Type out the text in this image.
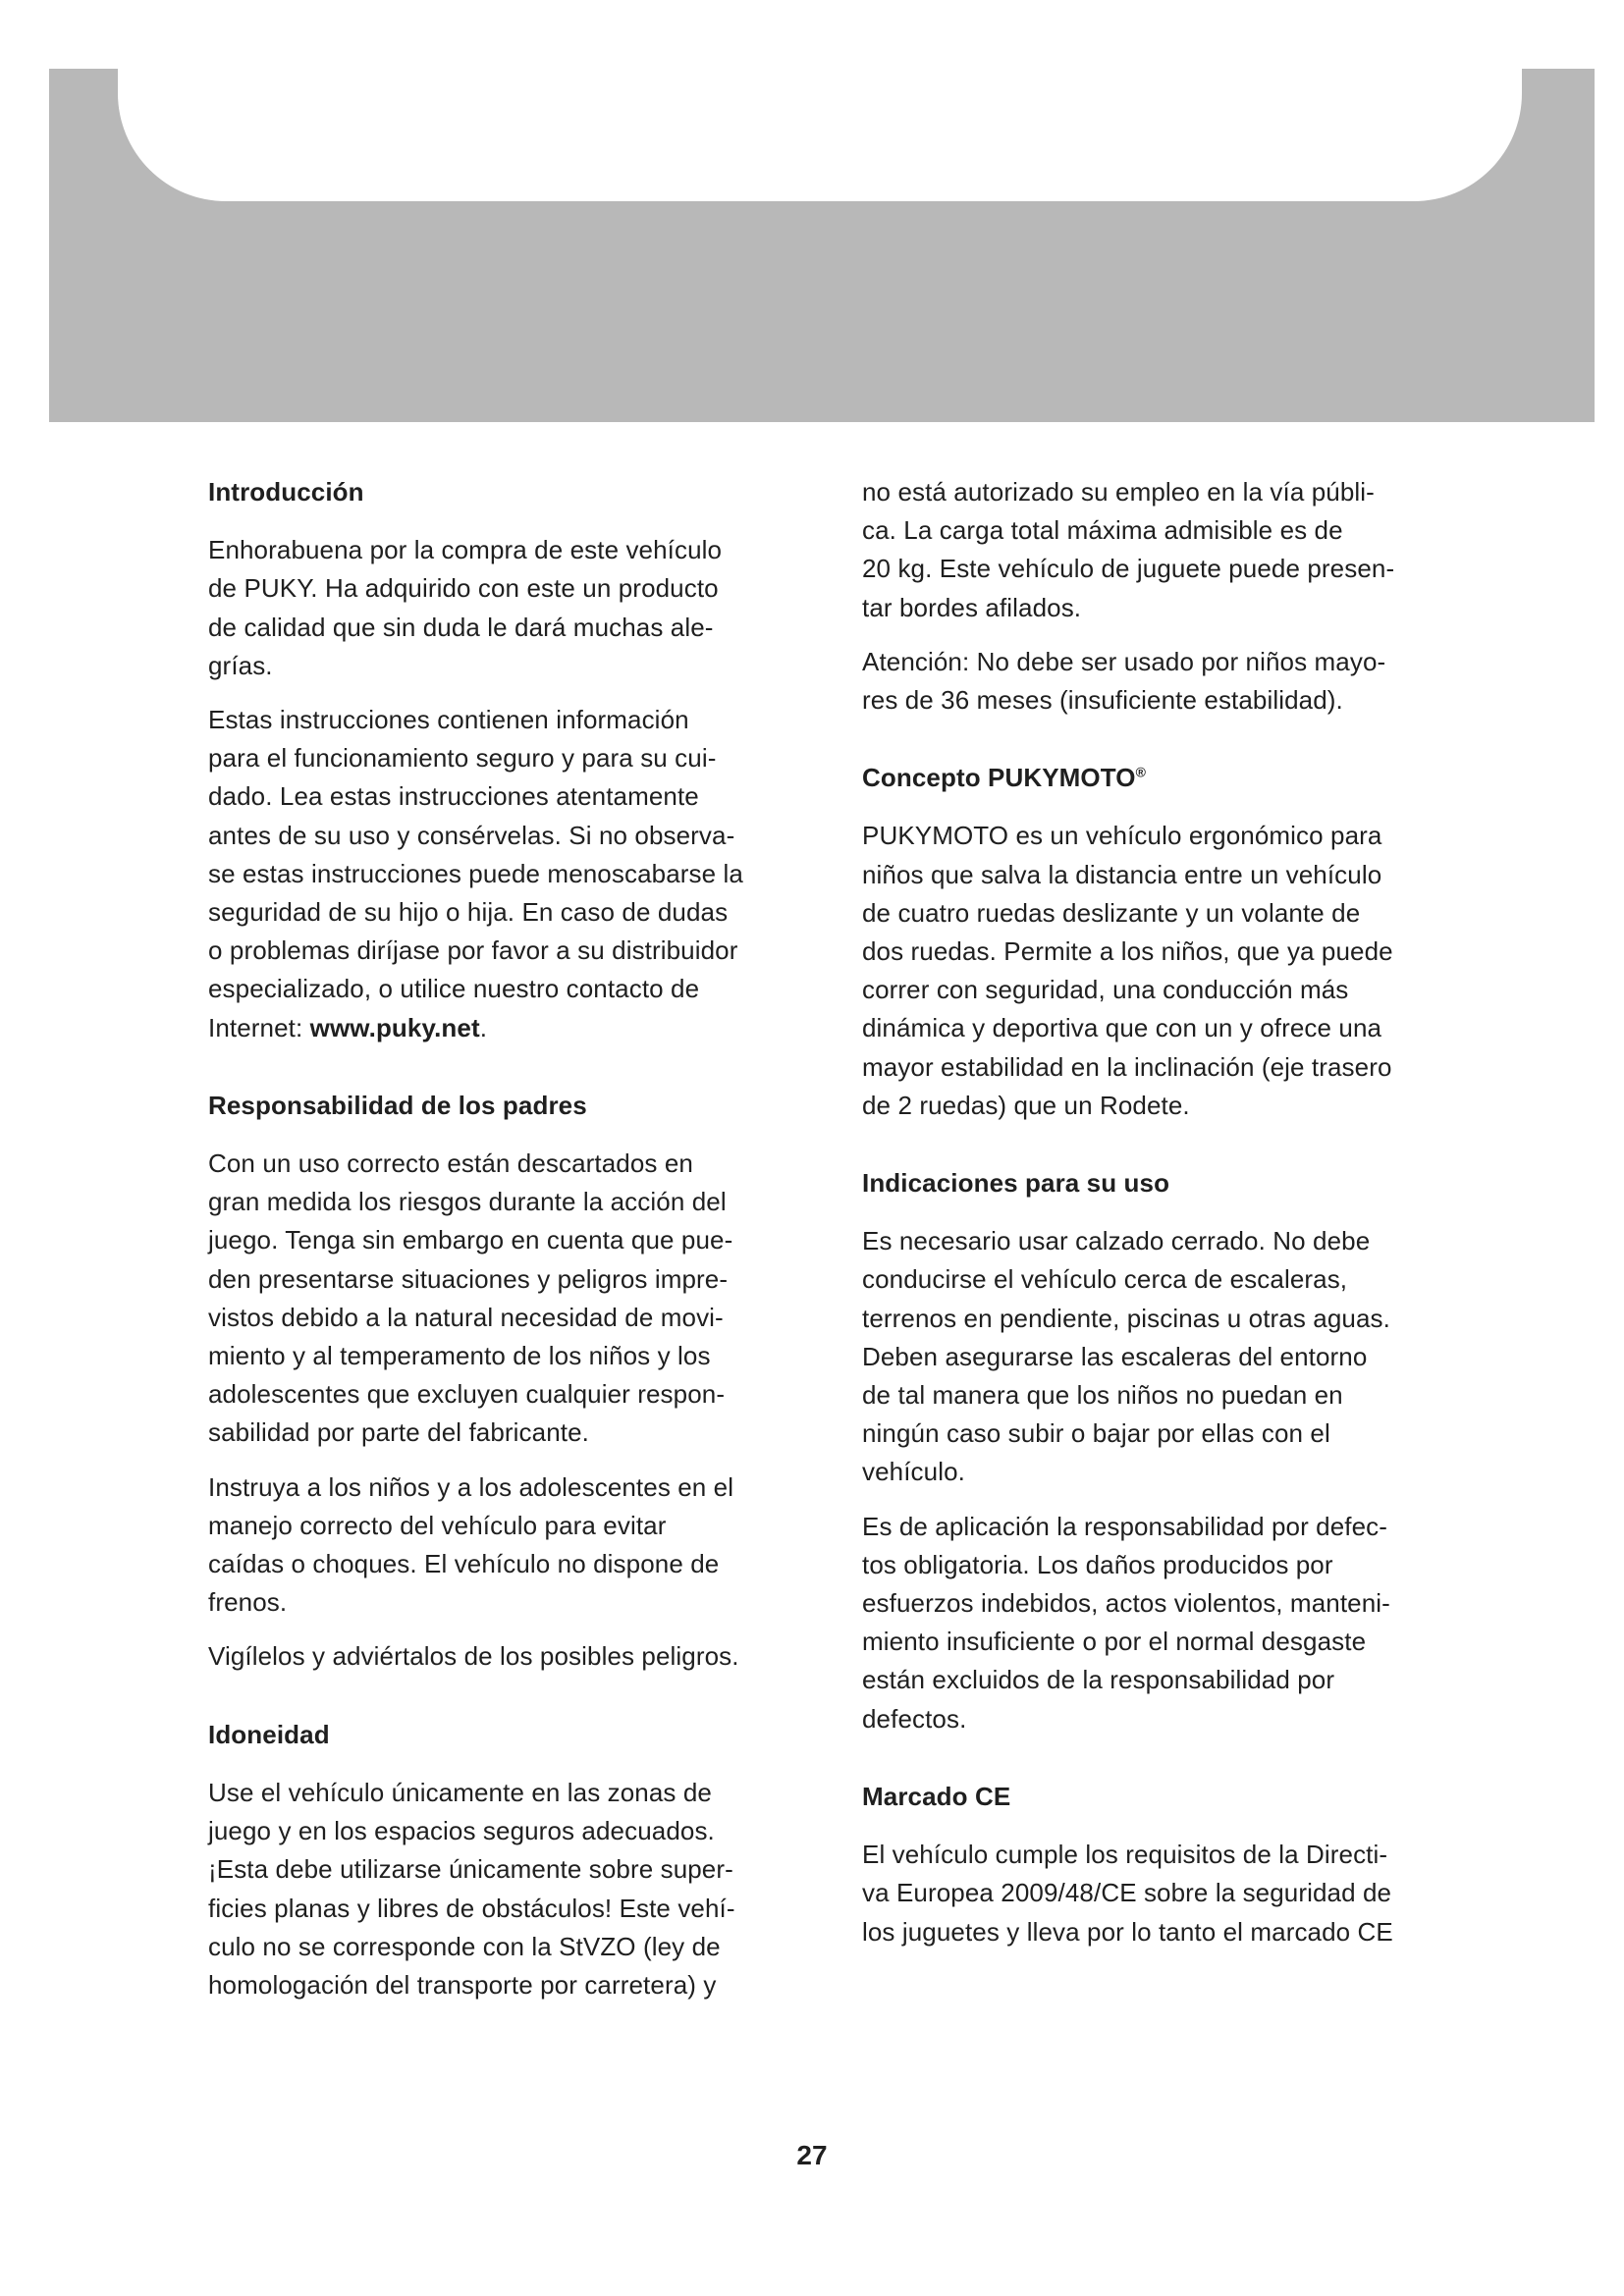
Introducción

Enhorabuena por la compra de este vehículo
de PUKY. Ha adquirido con este un producto
de calidad que sin duda le dará muchas ale-
grías.

Estas instrucciones contienen información
para el funcionamiento seguro y para su cui-
dado. Lea estas instrucciones atentamente
antes de su uso y consérvelas. Si no observa-
se estas instrucciones puede menoscabarse la
seguridad de su hijo o hija. En caso de dudas
o problemas diríjase por favor a su distribuidor
especializado, o utilice nuestro contacto de
Internet: www.puky.net.

Responsabilidad de los padres

Con un uso correcto están descartados en
gran medida los riesgos durante la acción del
juego. Tenga sin embargo en cuenta que pue-
den presentarse situaciones y peligros impre-
vistos debido a la natural necesidad de movi-
miento y al temperamento de los niños y los
adolescentes que excluyen cualquier respon-
sabilidad por parte del fabricante.

Instruya a los niños y a los adolescentes en el
manejo correcto del vehículo para evitar
caídas o choques. El vehículo no dispone de
frenos.

Vigílelos y adviértalos de los posibles peligros.

Idoneidad

Use el vehículo únicamente en las zonas de
juego y en los espacios seguros adecuados.
¡Esta debe utilizarse únicamente sobre super-
ficies planas y libres de obstáculos! Este vehí-
culo no se corresponde con la StVZO (ley de
homologación del transporte por carretera) y

no está autorizado su empleo en la vía públi-
ca. La carga total máxima admisible es de
20 kg. Este vehículo de juguete puede presen-
tar bordes afilados.

Atención: No debe ser usado por niños mayo-
res de 36 meses (insuficiente estabilidad).

Concepto PUKYMOTO®

PUKYMOTO es un vehículo ergonómico para
niños que salva la distancia entre un vehículo
de cuatro ruedas deslizante y un volante de
dos ruedas. Permite a los niños, que ya puede
correr con seguridad, una conducción más
dinámica y deportiva que con un y ofrece una
mayor estabilidad en la inclinación (eje trasero
de 2 ruedas) que un Rodete.

Indicaciones para su uso

Es necesario usar calzado cerrado. No debe
conducirse el vehículo cerca de escaleras,
terrenos en pendiente, piscinas u otras aguas.
Deben asegurarse las escaleras del entorno
de tal manera que los niños no puedan en
ningún caso subir o bajar por ellas con el
vehículo.

Es de aplicación la responsabilidad por defec-
tos obligatoria. Los daños producidos por
esfuerzos indebidos, actos violentos, manteni-
miento insuficiente o por el normal desgaste
están excluidos de la responsabilidad por
defectos.

Marcado CE

El vehículo cumple los requisitos de la Directi-
va Europea 2009/48/CE sobre la seguridad de
los juguetes y lleva por lo tanto el marcado CE

27
